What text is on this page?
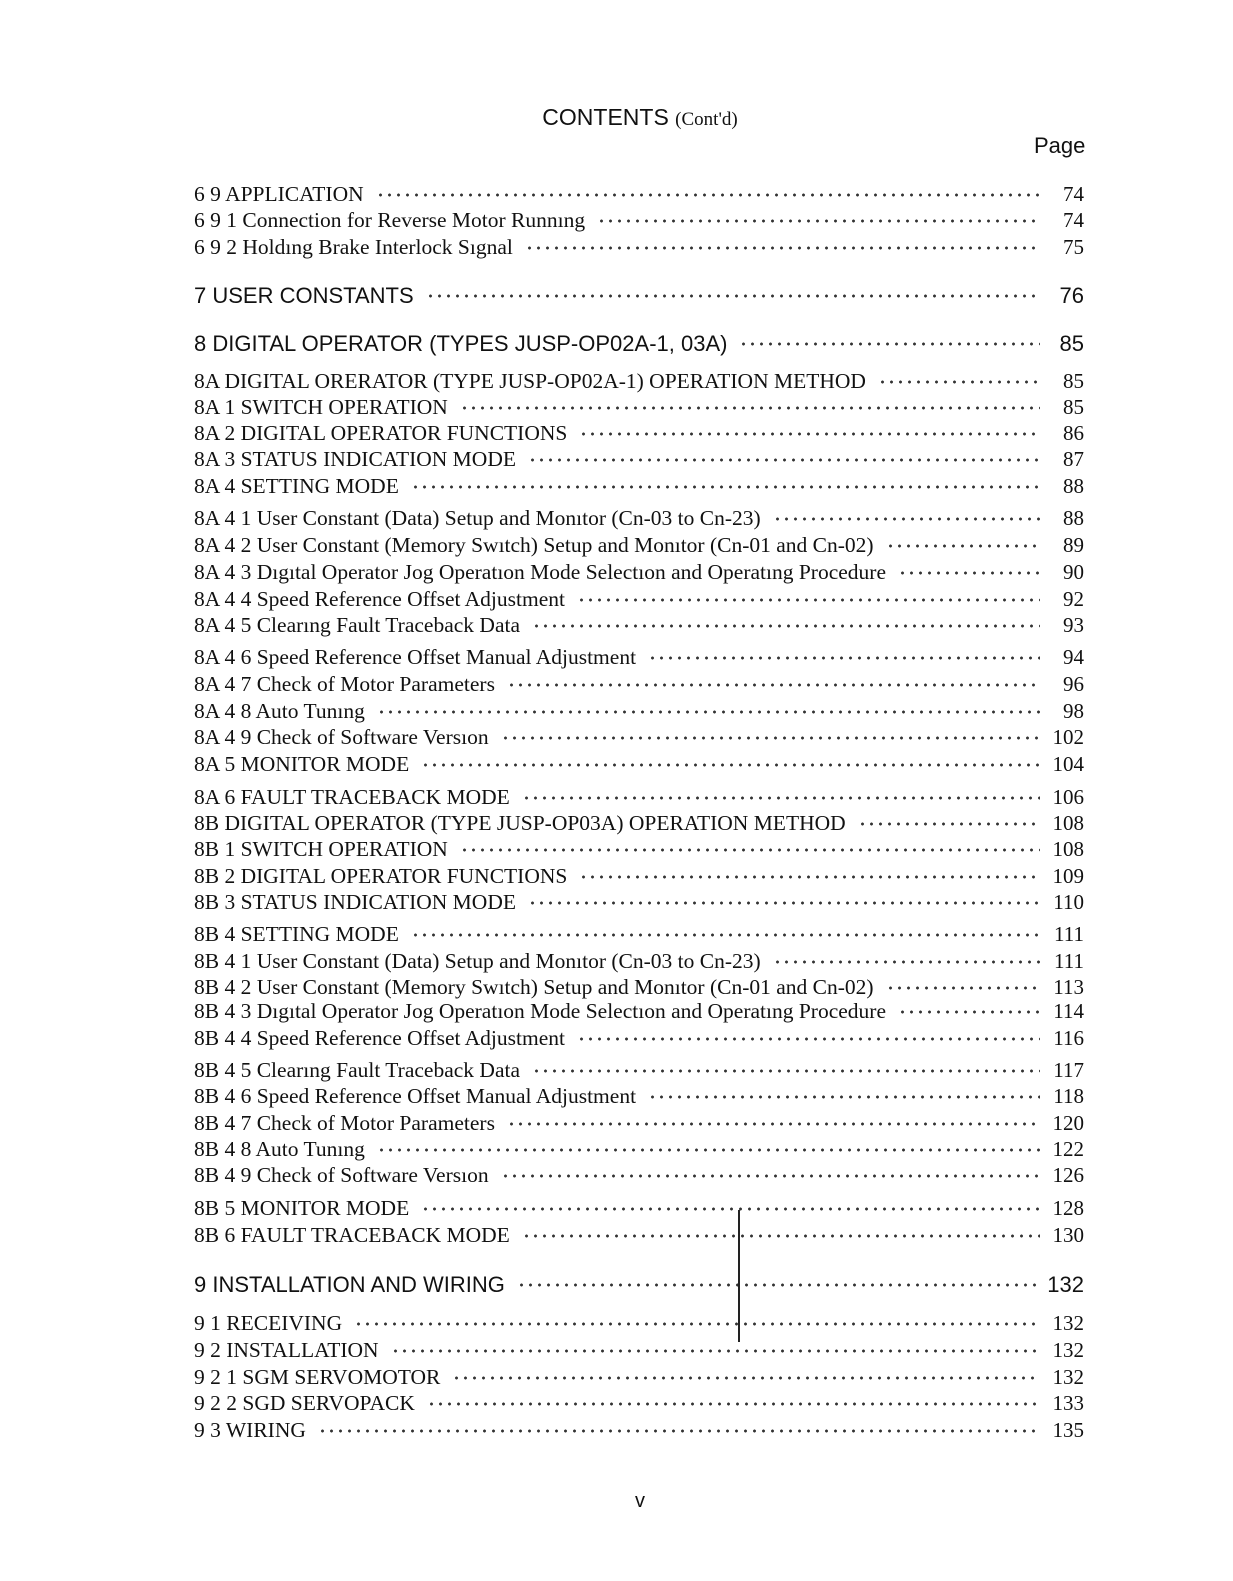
CONTENTS (Cont'd)
Page
6 9 APPLICATION	74
6 9 1 Connection for Reverse Motor Runnıng	74
6 9 2 Holdıng Brake Interlock Sıgnal	75
7 USER CONSTANTS	76
8 DIGITAL OPERATOR (TYPES JUSP-OP02A-1, 03A)	85
8A DIGITAL ORERATOR (TYPE JUSP-OP02A-1) OPERATION METHOD	85
8A 1 SWITCH OPERATION	85
8A 2 DIGITAL OPERATOR FUNCTIONS	86
8A 3 STATUS INDICATION MODE	87
8A 4 SETTING MODE	88
8A 4 1 User Constant (Data) Setup and Monıtor (Cn-03 to Cn-23)	88
8A 4 2 User Constant (Memory Swıtch) Setup and Monıtor (Cn-01 and Cn-02)	89
8A 4 3 Dıgıtal Operator Jog Operatıon Mode Selectıon and Operatıng Procedure	90
8A 4 4 Speed Reference Offset Adjustment	92
8A 4 5 Clearıng Fault Traceback Data	93
8A 4 6 Speed Reference Offset Manual Adjustment	94
8A 4 7 Check of Motor Parameters	96
8A 4 8 Auto Tunıng	98
8A 4 9 Check of Software Versıon	102
8A 5 MONITOR MODE	104
8A 6 FAULT TRACEBACK MODE	106
8B DIGITAL OPERATOR (TYPE JUSP-OP03A) OPERATION METHOD	108
8B 1 SWITCH OPERATION	108
8B 2 DIGITAL OPERATOR FUNCTIONS	109
8B 3 STATUS INDICATION MODE	110
8B 4 SETTING MODE	111
8B 4 1 User Constant (Data) Setup and Monıtor (Cn-03 to Cn-23)	111
8B 4 2 User Constant (Memory Swıtch) Setup and Monıtor (Cn-01 and Cn-02)	113
8B 4 3 Dıgıtal Operator Jog Operatıon Mode Selectıon and Operatıng Procedure	114
8B 4 4 Speed Reference Offset Adjustment	116
8B 4 5 Clearıng Fault Traceback Data	117
8B 4 6 Speed Reference Offset Manual Adjustment	118
8B 4 7 Check of Motor Parameters	120
8B 4 8 Auto Tunıng	122
8B 4 9 Check of Software Versıon	126
8B 5 MONITOR MODE	128
8B 6 FAULT TRACEBACK MODE	130
9 INSTALLATION AND WIRING	132
9 1 RECEIVING	132
9 2 INSTALLATION	132
9 2 1 SGM SERVOMOTOR	132
9 2 2 SGD SERVOPACK	133
9 3 WIRING	135
v
